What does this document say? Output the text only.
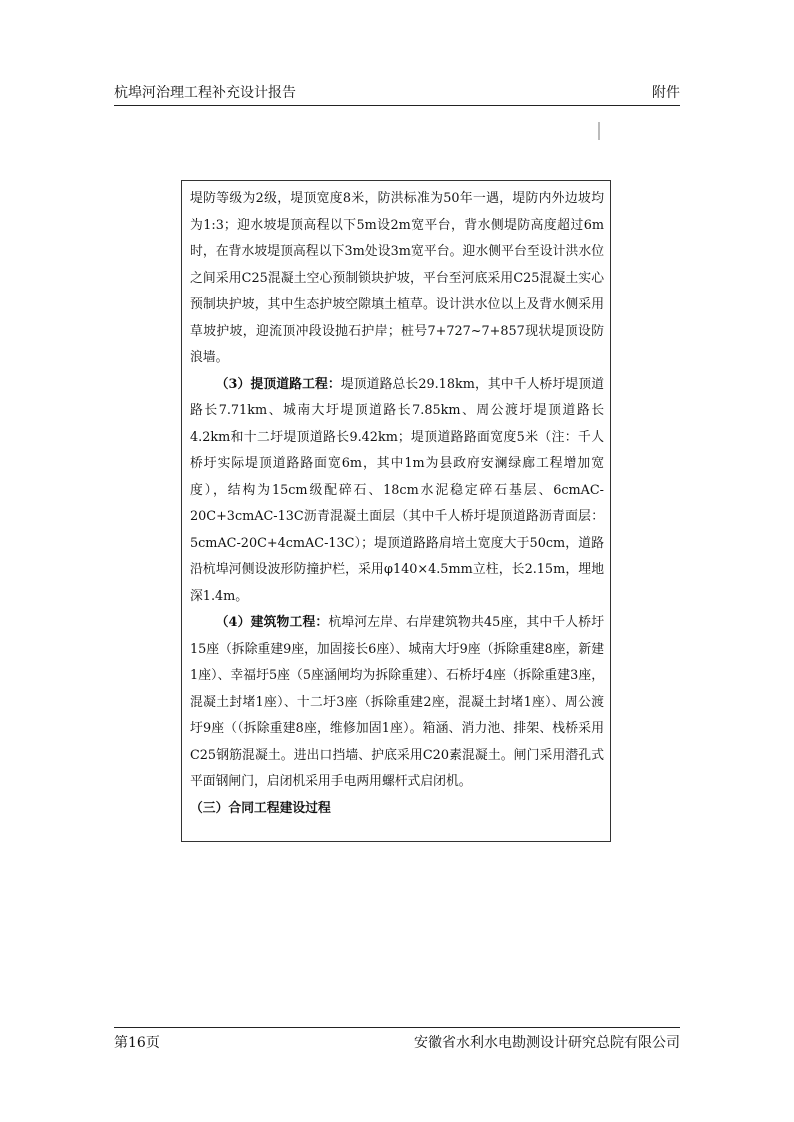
杭埠河治理工程补充设计报告	附件

堤防等级为2级，堤顶宽度8米，防洪标准为50年一遇，堤防内外边坡均为1:3；迎水坡堤顶高程以下5m设2m宽平台，背水侧堤防高度超过6m时，在背水坡堤顶高程以下3m处设3m宽平台。迎水侧平台至设计洪水位之间采用C25混凝土空心预制锁块护坡，平台至河底采用C25混凝土实心预制块护坡，其中生态护坡空隙填土植草。设计洪水位以上及背水侧采用草坡护坡，迎流顶冲段设抛石护岸；桩号7+727~7+857现状堤顶设防浪墙。

（3）提顶道路工程：堤顶道路总长29.18km，其中千人桥圩堤顶道路长7.71km、城南大圩堤顶道路长7.85km、周公渡圩堤顶道路长4.2km和十二圩堤顶道路长9.42km；堤顶道路路面宽度5米（注：千人桥圩实际堤顶道路路面宽6m，其中1m为县政府安澜绿廊工程增加宽度），结构为15cm级配碎石、18cm水泥稳定碎石基层、6cmAC-20C+3cmAC-13C沥青混凝土面层（其中千人桥圩堤顶道路沥青面层：5cmAC-20C+4cmAC-13C）；堤顶道路路肩培土宽度大于50cm，道路沿杭埠河侧设波形防撞护栏，采用φ140×4.5mm立柱，长2.15m，埋地深1.4m。

（4）建筑物工程：杭埠河左岸、右岸建筑物共45座，其中千人桥圩15座（拆除重建9座，加固接长6座）、城南大圩9座（拆除重建8座，新建1座）、幸福圩5座（5座涵闸均为拆除重建）、石桥圩4座（拆除重建3座，混凝土封堵1座）、十二圩3座（拆除重建2座，混凝土封堵1座）、周公渡圩9座（（拆除重建8座，维修加固1座）。箱涵、消力池、排架、栈桥采用C25钢筋混凝土。进出口挡墙、护底采用C20素混凝土。闸门采用潜孔式平面钢闸门，启闭机采用手电两用螺杆式启闭机。

（三）合同工程建设过程

第16页	安徽省水利水电勘测设计研究总院有限公司
